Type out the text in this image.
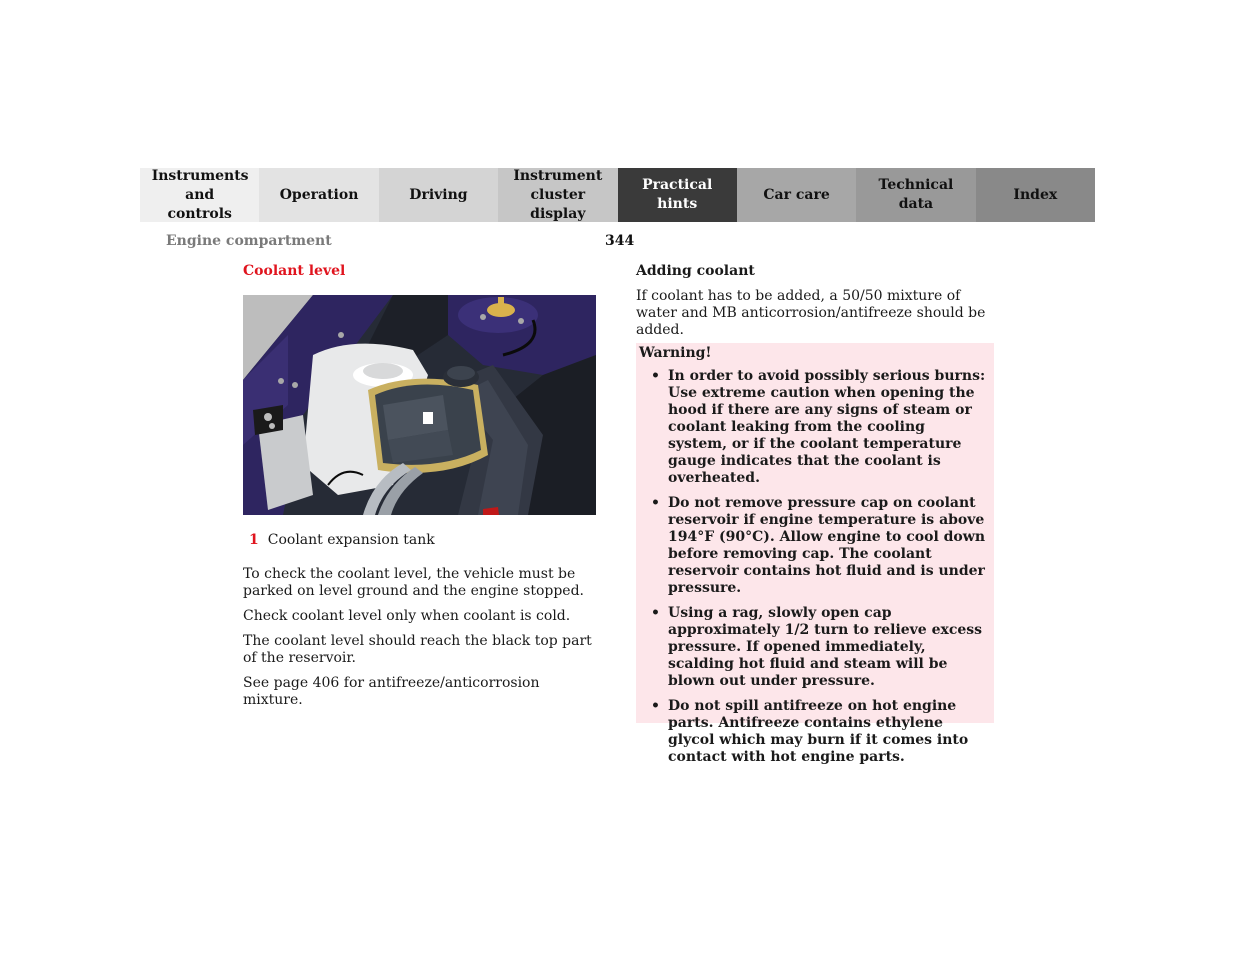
Instruments and controls
Operation	Driving
Instrument cluster display
Practical hints
Car care
Technical data
Index
Engine compartment	344
Coolant level
1 Coolant expansion tank

To check the coolant level, the vehicle must be parked on level ground and the engine stopped.

Check coolant level only when coolant is cold.

The coolant level should reach the black top part of the reservoir.

See page 406 for antifreeze/anticorrosion mixture.

Adding coolant

If coolant has to be added, a 50/50 mixture of water and MB anticorrosion/antifreeze should be added.

Warning!

• In order to avoid possibly serious burns:
Use extreme caution when opening the hood if there are any signs of steam or coolant leaking from the cooling system, or if the coolant temperature gauge indicates that the coolant is overheated.
• Do not remove pressure cap on coolant reservoir if engine temperature is above 194°F (90°C). Allow engine to cool down before removing cap. The coolant reservoir contains hot fluid and is under pressure.
• Using a rag, slowly open cap approximately 1/2 turn to relieve excess pressure. If opened immediately, scalding hot fluid and steam will be blown out under pressure.
• Do not spill antifreeze on hot engine parts. Antifreeze contains ethylene glycol which may burn if it comes into contact with hot engine parts.
